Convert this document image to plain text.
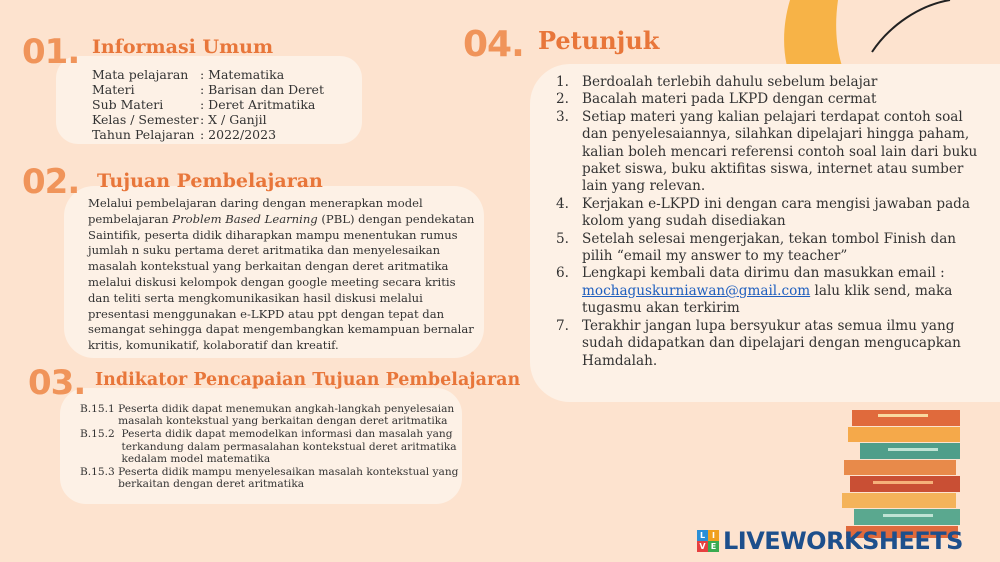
01. Informasi Umum
Mata pelajaran : Matematika
Materi	: Barisan dan Deret
Sub Materi	: Deret Aritmatika
Kelas / Semester : X / Ganjil
Tahun Pelajaran : 2022/2023
02. Tujuan Pembelajaran
Melalui pembelajaran daring dengan menerapkan model pembelajaran Problem Based Learning (PBL) dengan pendekatan Saintifik, peserta didik diharapkan mampu menentukan rumus jumlah n suku pertama deret aritmatika dan menyelesaikan masalah kontekstual yang berkaitan dengan deret aritmatika melalui diskusi kelompok dengan google meeting secara kritis dan teliti serta mengkomunikasikan hasil diskusi melalui presentasi menggunakan e-LKPD atau ppt dengan tepat dan semangat sehingga dapat mengembangkan kemampuan bernalar kritis, komunikatif, kolaboratif dan kreatif.
03. Indikator Pencapaian Tujuan Pembelajaran
B.15.1 Peserta didik dapat menemukan angkah-langkah penyelesaian masalah kontekstual yang berkaitan dengan deret aritmatika
B.15.2 Peserta didik dapat memodelkan informasi dan masalah yang terkandung dalam permasalahan kontekstual deret aritmatika kedalam model matematika
B.15.3 Peserta didik mampu menyelesaikan masalah kontekstual yang berkaitan dengan deret aritmatika
04. Petunjuk
1. Berdoalah terlebih dahulu sebelum belajar
2. Bacalah materi pada LKPD dengan cermat
3. Setiap materi yang kalian pelajari terdapat contoh soal dan penyelesaiannya, silahkan dipelajari hingga paham, kalian boleh mencari referensi contoh soal lain dari buku paket siswa, buku aktifitas siswa, internet atau sumber lain yang relevan.
4. Kerjakan e-LKPD ini dengan cara mengisi jawaban pada kolom yang sudah disediakan
5. Setelah selesai mengerjakan, tekan tombol Finish dan pilih “email my answer to my teacher”
6. Lengkapi kembali data dirimu dan masukkan email : mochaguskurniawan@gmail.com lalu klik send, maka tugasmu akan terkirim
7. Terakhir jangan lupa bersyukur atas semua ilmu yang sudah didapatkan dan dipelajari dengan mengucapkan Hamdalah.
L I
V E LIVEWORKSHEETS
